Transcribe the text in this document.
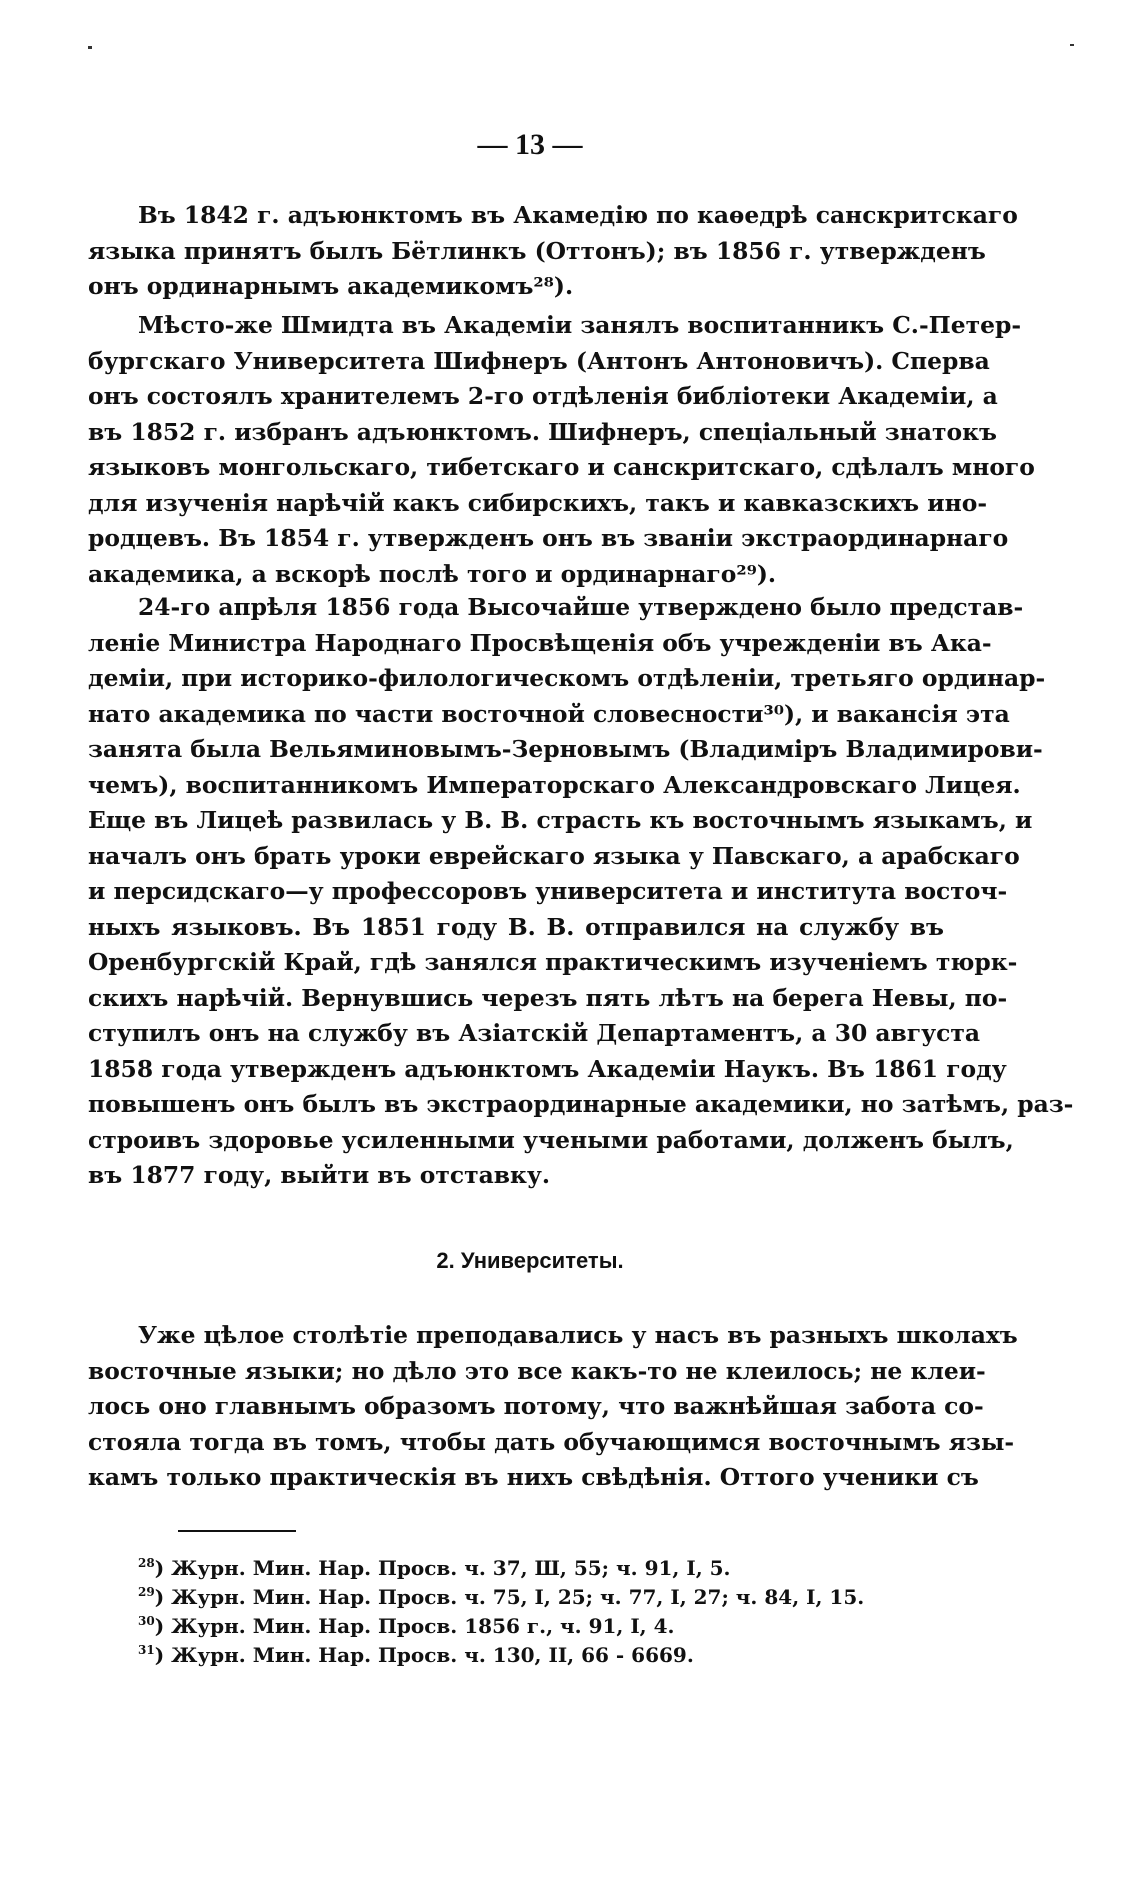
— 13 —
Въ 1842 г. адъюнктомъ въ Акамедію по каѳедрѣ санскритскаго
языка принятъ былъ Бётлинкъ (Оттонъ); въ 1856 г. утвержденъ
онъ ординарнымъ академикомъ²⁸).
Мѣсто-же Шмидта въ Академіи занялъ воспитанникъ С.-Петер-
бургскаго Университета Шифнеръ (Антонъ Антоновичъ). Сперва
онъ состоялъ хранителемъ 2-го отдѣленія библіотеки Академіи, а
въ 1852 г. избранъ адъюнктомъ. Шифнеръ, спеціальный знатокъ
языковъ монгольскаго, тибетскаго и санскритскаго, сдѣлалъ много
для изученія нарѣчій какъ сибирскихъ, такъ и кавказскихъ ино-
родцевъ. Въ 1854 г. утвержденъ онъ въ званіи экстраординарнаго
академика, а вскорѣ послѣ того и ординарнаго²⁹).
24-го апрѣля 1856 года Высочайше утверждено было представ-
леніе Министра Народнаго Просвѣщенія объ учрежденіи въ Ака-
деміи, при историко-филологическомъ отдѣленіи, третьяго ординар-
нато академика по части восточной словесности³⁰), и вакансія эта
занята была Вельяминовымъ-Зерновымъ (Владиміръ Владимирови-
чемъ), воспитанникомъ Императорскаго Александровскаго Лицея.
Еще въ Лицеѣ развилась у В. В. страсть къ восточнымъ языкамъ, и
началъ онъ брать уроки еврейскаго языка у Павскаго, а арабскаго
и персидскаго—у профессоровъ университета и института восточ-
ныхъ языковъ. Въ 1851 году В. В. отправился на службу въ
Оренбургскій Край, гдѣ занялся практическимъ изученіемъ тюрк-
скихъ нарѣчій. Вернувшись черезъ пять лѣтъ на берега Невы, по-
ступилъ онъ на службу въ Азіатскій Департаментъ, а 30 августа
1858 года утвержденъ адъюнктомъ Академіи Наукъ. Въ 1861 году
повышенъ онъ былъ въ экстраординарные академики, но затѣмъ, раз-
строивъ здоровье усиленными учеными работами, долженъ былъ,
въ 1877 году, выйти въ отставку.
2. Университеты.
Уже цѣлое столѣтіе преподавались у насъ въ разныхъ школахъ
восточные языки; но дѣло это все какъ-то не клеилось; не клеи-
лось оно главнымъ образомъ потому, что важнѣйшая забота со-
стояла тогда въ томъ, чтобы дать обучающимся восточнымъ язы-
камъ только практическія въ нихъ свѣдѣнія. Оттого ученики съ
$^{28}$) Журн. Мин. Нар. Просв. ч. 37, Ш, 55; ч. 91, I, 5.
$^{29}$) Журн. Мин. Нар. Просв. ч. 75, I, 25; ч. 77, I, 27; ч. 84, I, 15.
$^{30}$) Журн. Мин. Нар. Просв. 1856 г., ч. 91, I, 4.
$^{31}$) Журн. Мин. Нар. Просв. ч. 130, II, 66 - 6669.
